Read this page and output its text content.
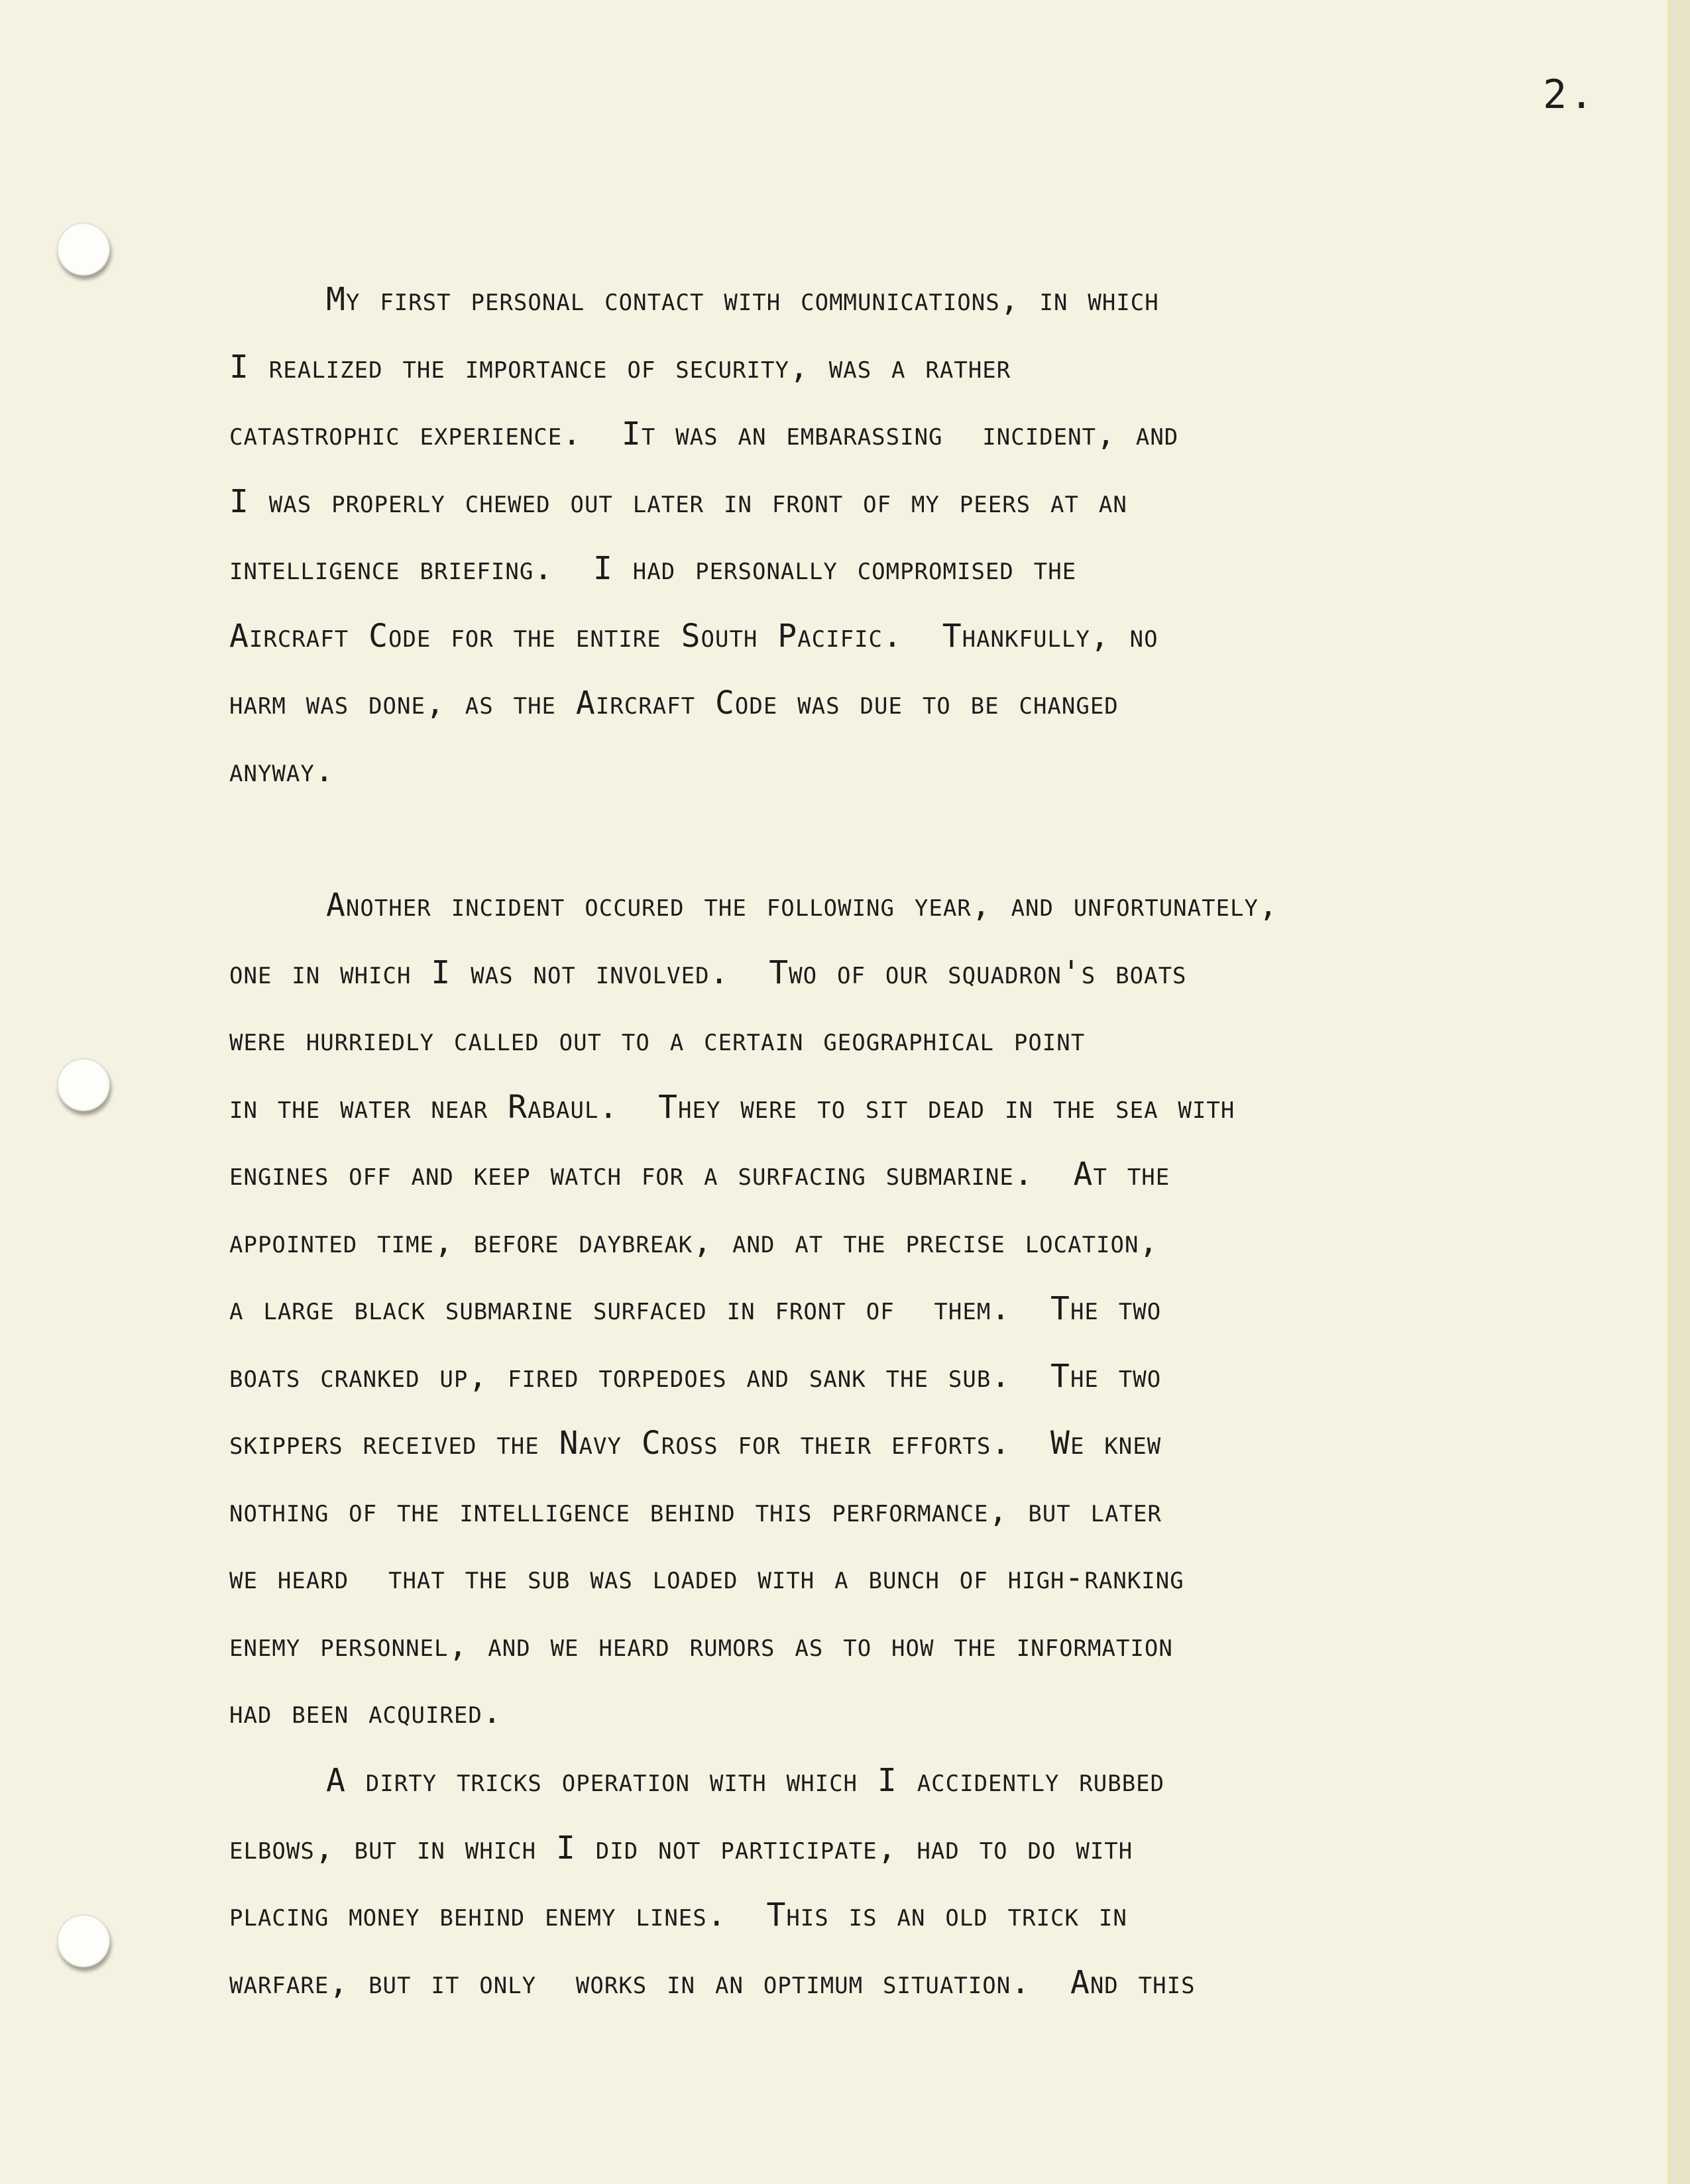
2.

My first personal contact with communications, in which

I realized the importance of security, was a rather

catastrophic experience.  It was an embarassing  incident, and

I was properly chewed out later in front of my peers at an

intelligence briefing.  I had personally compromised the

Aircraft Code for the entire South Pacific.  Thankfully, no

harm was done, as the Aircraft Code was due to be changed

anyway.

Another incident occured the following year, and unfortunately,

one in which I was not involved.  Two of our squadron's boats

were hurriedly called out to a certain geographical point

in the water near Rabaul.  They were to sit dead in the sea with

engines off and keep watch for a surfacing submarine.  At the

appointed time, before daybreak, and at the precise location,

a large black submarine surfaced in front of  them.  The two

boats cranked up, fired torpedoes and sank the sub.  The two

skippers received the Navy Cross for their efforts.  We knew

nothing of the intelligence behind this performance, but later

we heard  that the sub was loaded with a bunch of high-ranking

enemy personnel, and we heard rumors as to how the information

had been acquired.

A dirty tricks operation with which I accidently rubbed

elbows, but in which I did not participate, had to do with

placing money behind enemy lines.  This is an old trick in

warfare, but it only  works in an optimum situation.  And this
